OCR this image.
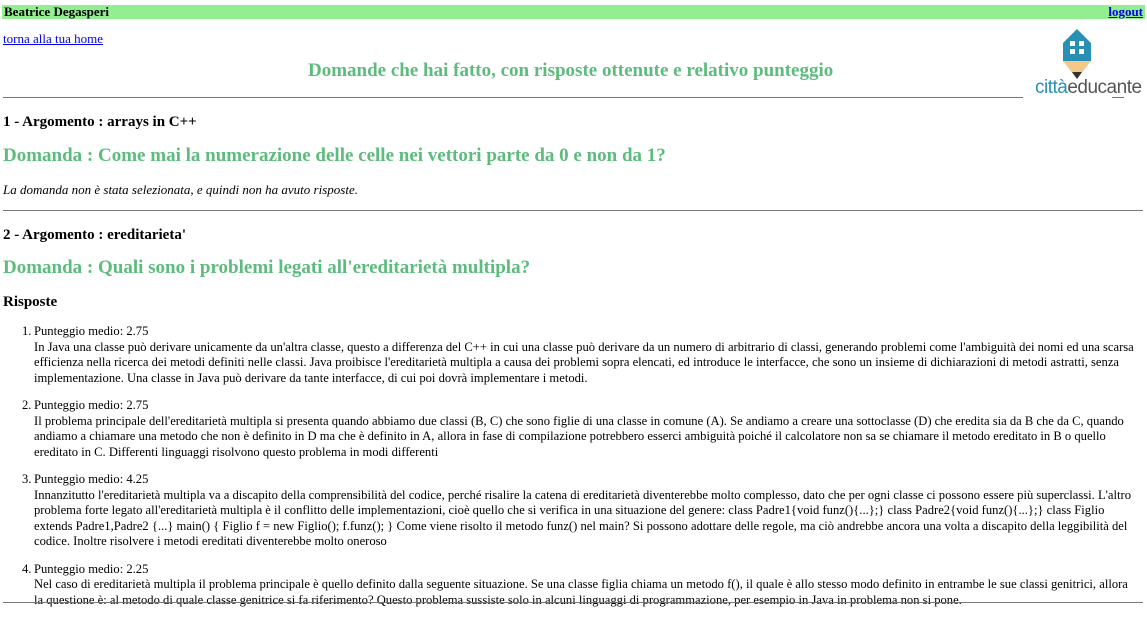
Beatrice Degasperi	logout
torna alla tua home
Domande che hai fatto, con risposte ottenute e relativo punteggio
cittàeducante
1 - Argomento : arrays in C++
Domanda : Come mai la numerazione delle celle nei vettori parte da 0 e non da 1?
La domanda non è stata selezionata, e quindi non ha avuto risposte.
2 - Argomento : ereditarieta'
Domanda : Quali sono i problemi legati all'ereditarietà multipla?
Risposte
1. Punteggio medio: 2.75
In Java una classe può derivare unicamente da un'altra classe, questo a differenza del C++ in cui una classe può derivare da un numero di arbitrario di classi, generando problemi come l'ambiguità dei nomi ed una scarsa efficienza nella ricerca dei metodi definiti nelle classi. Java proibisce l'ereditarietà multipla a causa dei problemi sopra elencati, ed introduce le interfacce, che sono un insieme di dichiarazioni di metodi astratti, senza implementazione. Una classe in Java può derivare da tante interfacce, di cui poi dovrà implementare i metodi.
2. Punteggio medio: 2.75
Il problema principale dell'ereditarietà multipla si presenta quando abbiamo due classi (B, C) che sono figlie di una classe in comune (A). Se andiamo a creare una sottoclasse (D) che eredita sia da B che da C, quando andiamo a chiamare una metodo che non è definito in D ma che è definito in A, allora in fase di compilazione potrebbero esserci ambiguità poiché il calcolatore non sa se chiamare il metodo ereditato in B o quello ereditato in C. Differenti linguaggi risolvono questo problema in modi differenti
3. Punteggio medio: 4.25
Innanzitutto l'ereditarietà multipla va a discapito della comprensibilità del codice, perché risalire la catena di ereditarietà diventerebbe molto complesso, dato che per ogni classe ci possono essere più superclassi. L'altro problema forte legato all'ereditarietà multipla è il conflitto delle implementazioni, cioè quello che si verifica in una situazione del genere: class Padre1{void funz(){...};} class Padre2{void funz(){...};} class Figlio extends Padre1,Padre2 {...} main() { Figlio f = new Figlio(); f.funz(); } Come viene risolto il metodo funz() nel main? Si possono adottare delle regole, ma ciò andrebbe ancora una volta a discapito della leggibilità del codice. Inoltre risolvere i metodi ereditati diventerebbe molto oneroso
4. Punteggio medio: 2.25
Nel caso di ereditarietà multipla il problema principale è quello definito dalla seguente situazione. Se una classe figlia chiama un metodo f(), il quale è allo stesso modo definito in entrambe le sue classi genitrici, allora la questione è: al metodo di quale classe genitrice si fa riferimento? Questo problema sussiste solo in alcuni linguaggi di programmazione, per esempio in Java in problema non si pone.
